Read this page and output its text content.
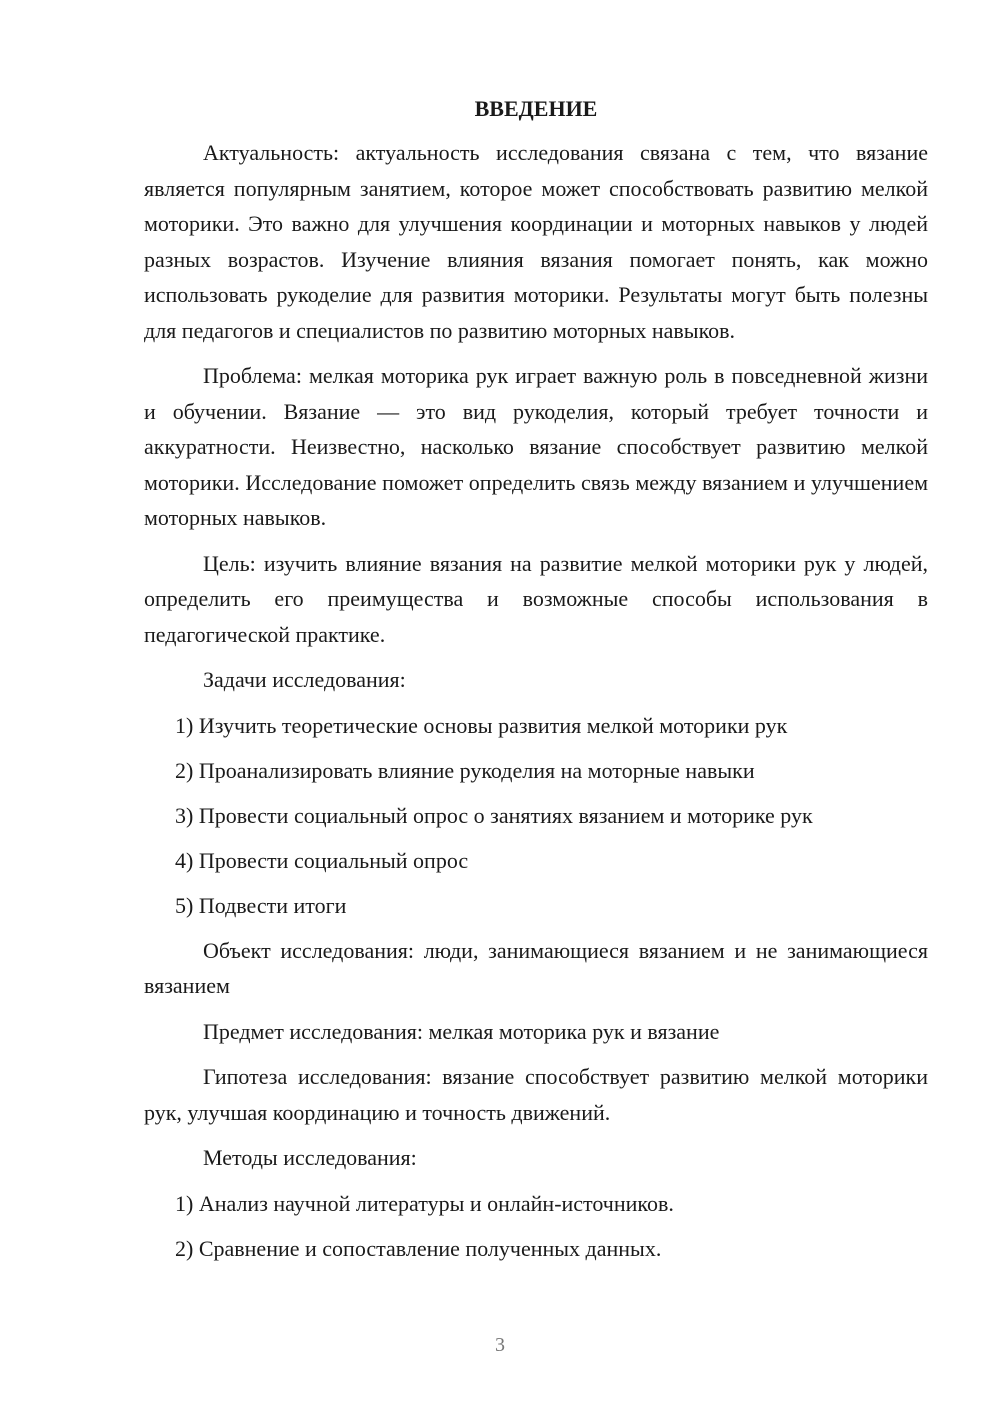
ВВЕДЕНИЕ

Актуальность: актуальность исследования связана с тем, что вязание является популярным занятием, которое может способствовать развитию мелкой моторики. Это важно для улучшения координации и моторных навыков у людей разных возрастов. Изучение влияния вязания помогает понять, как можно использовать рукоделие для развития моторики. Результаты могут быть полезны для педагогов и специалистов по развитию моторных навыков.

Проблема: мелкая моторика рук играет важную роль в повседневной жизни и обучении. Вязание — это вид рукоделия, который требует точности и аккуратности. Неизвестно, насколько вязание способствует развитию мелкой моторики. Исследование поможет определить связь между вязанием и улучшением моторных навыков.

Цель: изучить влияние вязания на развитие мелкой моторики рук у людей, определить его преимущества и возможные способы использования в педагогической практике.

Задачи исследования:

1) Изучить теоретические основы развития мелкой моторики рук
2) Проанализировать влияние рукоделия на моторные навыки
3) Провести социальный опрос о занятиях вязанием и моторике рук
4) Провести социальный опрос
5) Подвести итоги

Объект исследования: люди, занимающиеся вязанием и не занимающиеся вязанием

Предмет исследования: мелкая моторика рук и вязание

Гипотеза исследования: вязание способствует развитию мелкой моторики рук, улучшая координацию и точность движений.

Методы исследования:

1) Анализ научной литературы и онлайн-источников.
2) Сравнение и сопоставление полученных данных.
3
